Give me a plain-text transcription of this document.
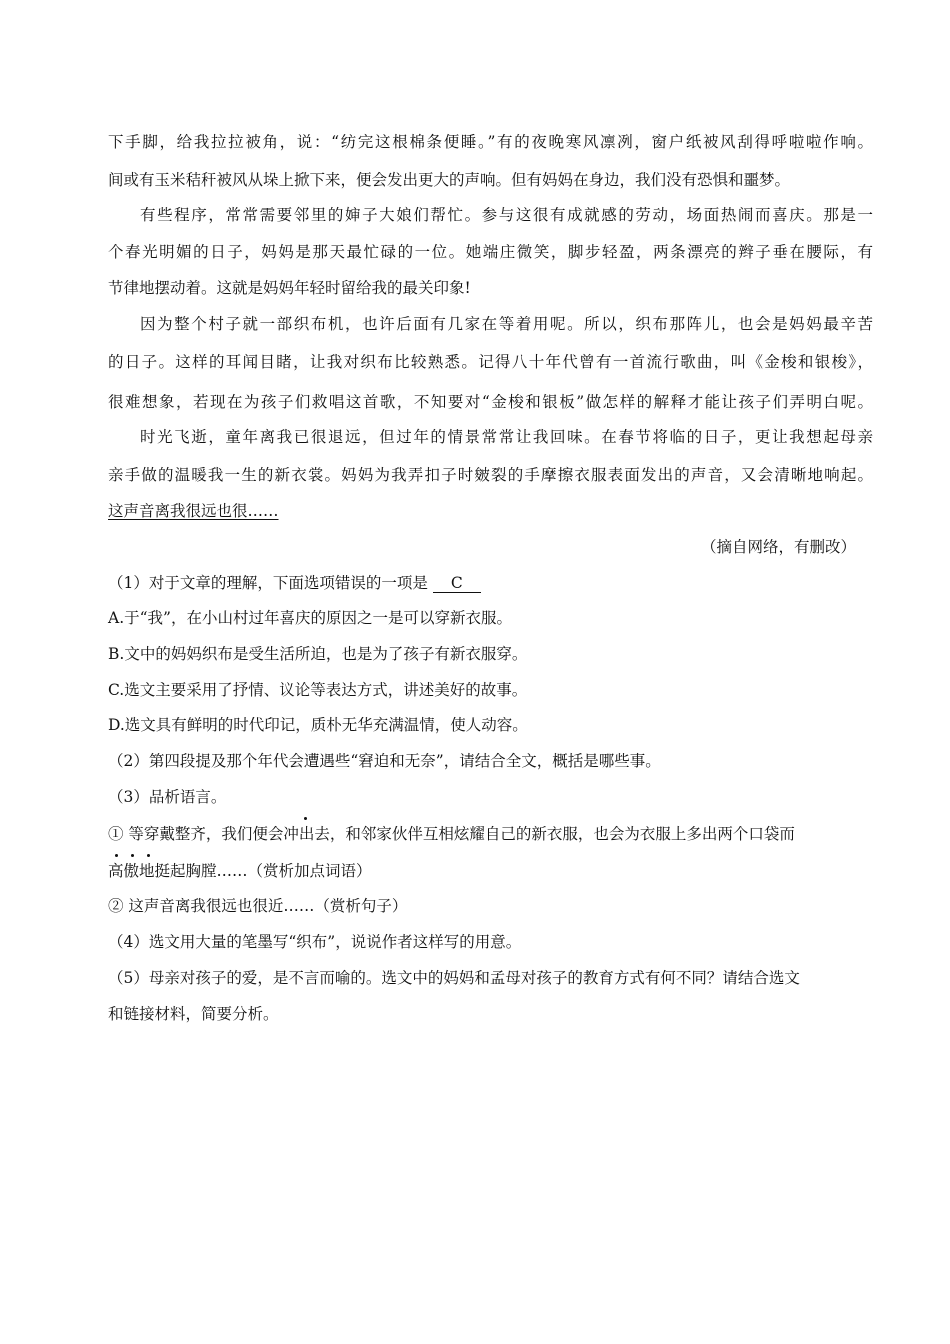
下手脚，给我拉拉被角，说：“纺完这根棉条便睡。”有的夜晚寒风凛冽，窗户纸被风刮得呼啦啦作响。
间或有玉米秸秆被风从垛上掀下来，便会发出更大的声响。但有妈妈在身边，我们没有恐惧和噩梦。
有些程序，常常需要邻里的婶子大娘们帮忙。参与这很有成就感的劳动，场面热闹而喜庆。那是一
个春光明媚的日子，妈妈是那天最忙碌的一位。她端庄微笑，脚步轻盈，两条漂亮的辫子垂在腰际，有
节律地摆动着。这就是妈妈年轻时留给我的最关印象!
因为整个村子就一部织布机，也许后面有几家在等着用呢。所以，织布那阵儿，也会是妈妈最辛苦
的日子。这样的耳闻目睹，让我对织布比较熟悉。记得八十年代曾有一首流行歌曲，叫《金梭和银梭》，
很难想象，若现在为孩子们救唱这首歌，不知要对“金梭和银板”做怎样的解释才能让孩子们弄明白呢。
时光飞逝，童年离我已很退远，但过年的情景常常让我回味。在春节将临的日子，更让我想起母亲
亲手做的温暖我一生的新衣裳。妈妈为我弄扣子时皴裂的手摩擦衣服表面发出的声音，又会清晰地响起。
这声音离我很远也很……
（摘自网络，有删改）
（1）对于文章的理解，下面选项错误的一项是 C
A.于“我”，在小山村过年喜庆的原因之一是可以穿新衣服。
B.文中的妈妈织布是受生活所迫，也是为了孩子有新衣服穿。
C.选文主要采用了抒情、议论等表达方式，讲述美好的故事。
D.选文具有鲜明的时代印记，质朴无华充满温情，使人动容。
（2）第四段提及那个年代会遭遇些“窘迫和无奈”，请结合全文，概括是哪些事。
（3）品析语言。
① 等穿戴整齐，我们便会冲出去，和邻家伙伴互相炫耀自己的新衣服，也会为衣服上多出两个口袋而
高傲地挺起胸膛……（赏析加点词语）
② 这声音离我很远也很近……（赏析句子）
（4）选文用大量的笔墨写“织布”，说说作者这样写的用意。
（5）母亲对孩子的爱，是不言而喻的。选文中的妈妈和孟母对孩子的教育方式有何不同？请结合选文
和链接材料，简要分析。
